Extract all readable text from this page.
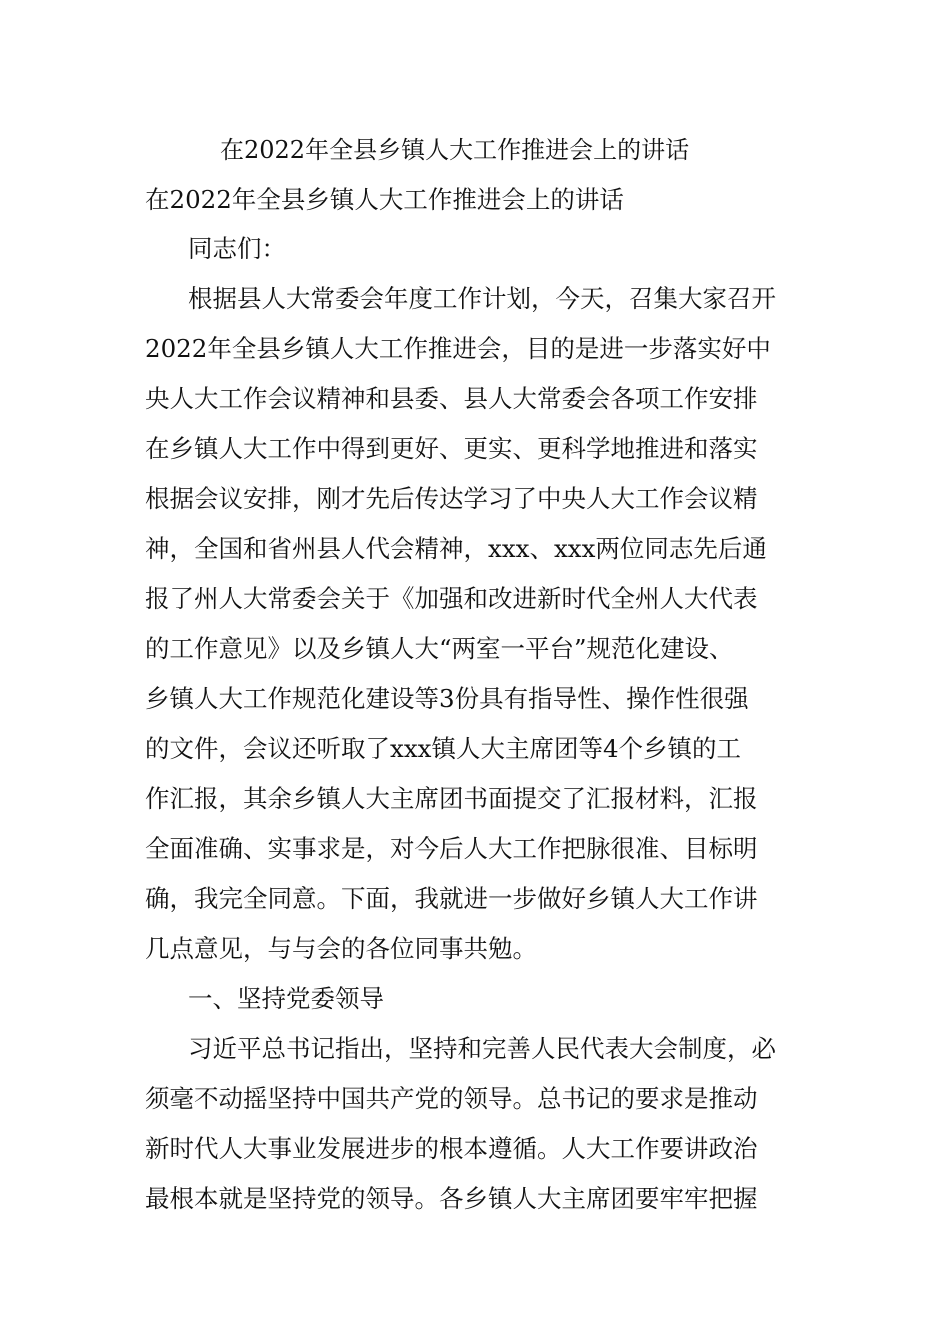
在2022年全县乡镇人大工作推进会上的讲话
在2022年全县乡镇人大工作推进会上的讲话
同志们：
根据县人大常委会年度工作计划，今天，召集大家召开
2022年全县乡镇人大工作推进会，目的是进一步落实好中
央人大工作会议精神和县委、县人大常委会各项工作安排
在乡镇人大工作中得到更好、更实、更科学地推进和落实
根据会议安排，刚才先后传达学习了中央人大工作会议精
神，全国和省州县人代会精神，xxx、xxx两位同志先后通
报了州人大常委会关于《加强和改进新时代全州人大代表
的工作意见》以及乡镇人大“两室一平台”规范化建设、
乡镇人大工作规范化建设等3份具有指导性、操作性很强
的文件，会议还听取了xxx镇人大主席团等4个乡镇的工
作汇报，其余乡镇人大主席团书面提交了汇报材料，汇报
全面准确、实事求是，对今后人大工作把脉很准、目标明
确，我完全同意。下面，我就进一步做好乡镇人大工作讲
几点意见，与与会的各位同事共勉。
一、坚持党委领导
习近平总书记指出，坚持和完善人民代表大会制度，必
须毫不动摇坚持中国共产党的领导。总书记的要求是推动
新时代人大事业发展进步的根本遵循。人大工作要讲政治
最根本就是坚持党的领导。各乡镇人大主席团要牢牢把握
